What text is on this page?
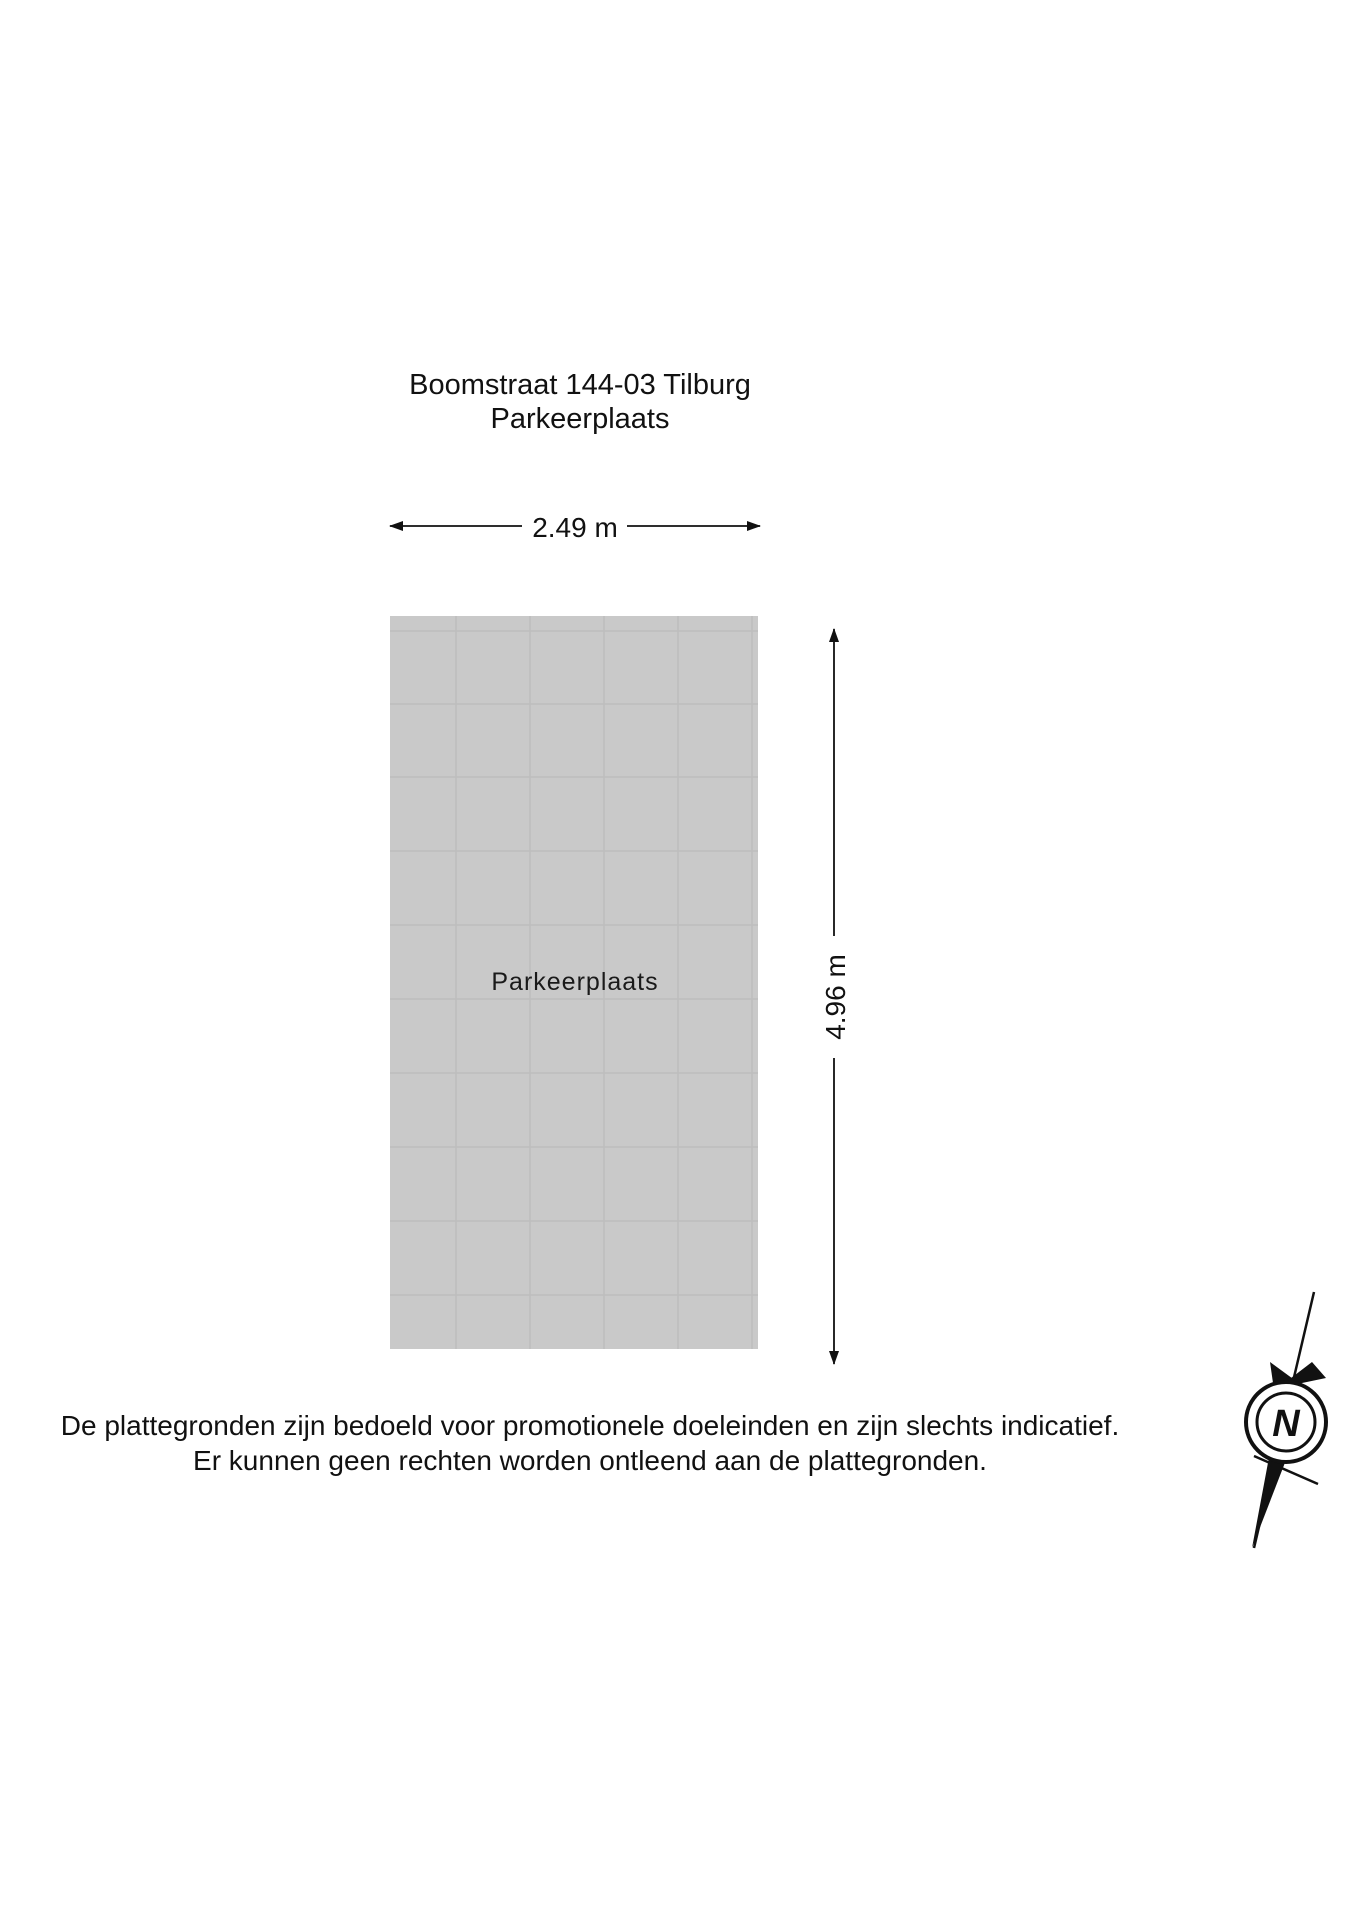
Boomstraat 144-03 Tilburg
Parkeerplaats
Parkeerplaats
2.49 m
4.96 m
N
De plattegronden zijn bedoeld voor promotionele doeleinden en zijn slechts indicatief.
Er kunnen geen rechten worden ontleend aan de plattegronden.
